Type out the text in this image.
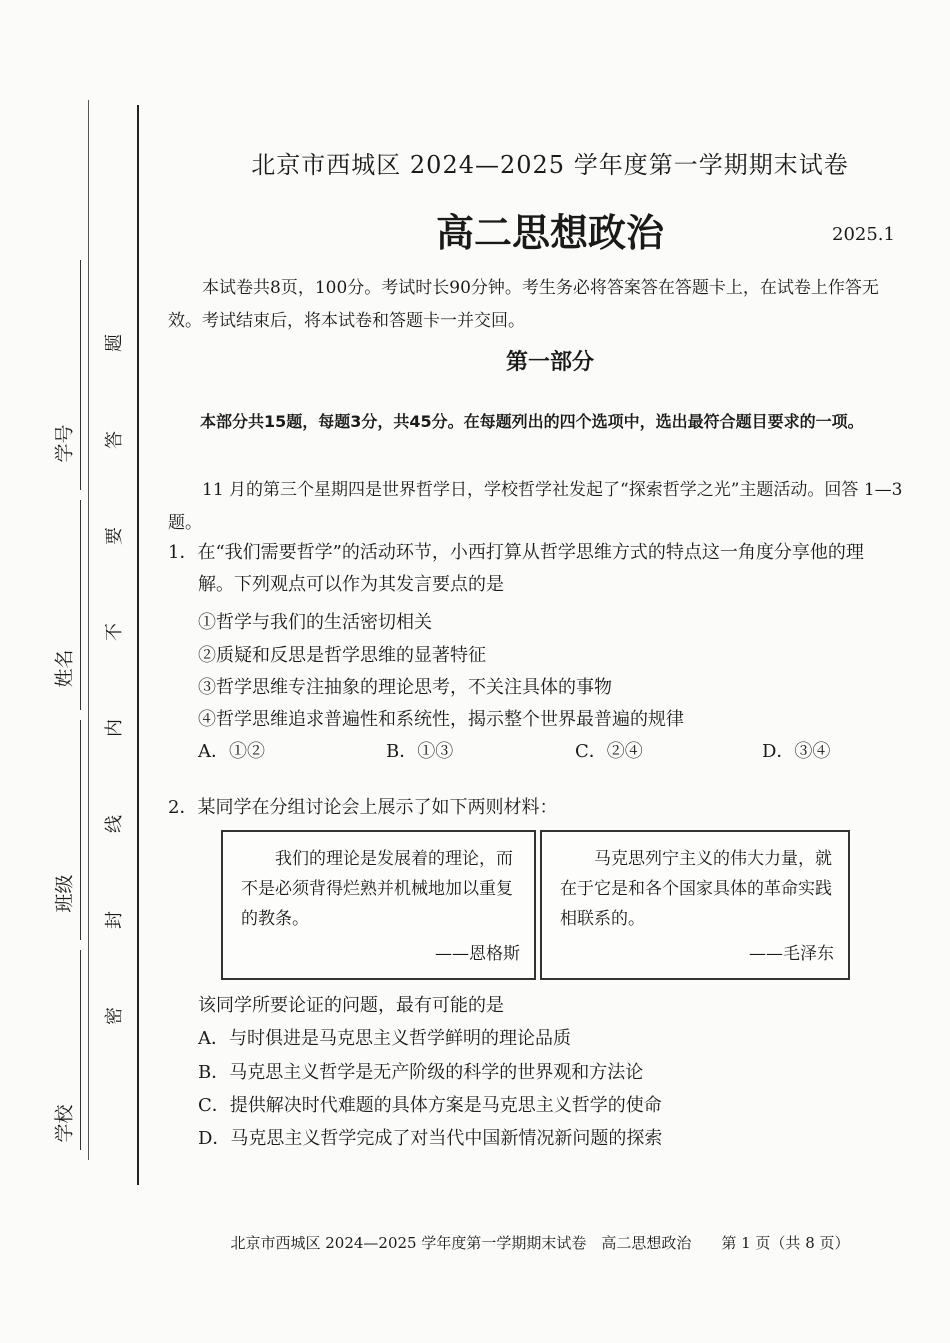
学号
姓名
班级
学校
题
答
要
不
内
线
封
密
北京市西城区 2024—2025 学年度第一学期期末试卷
高二思想政治	2025.1
本试卷共8页，100分。考试时长90分钟。考生务必将答案答在答题卡上，在试卷上作答无效。考试结束后，将本试卷和答题卡一并交回。
第一部分
本部分共15题，每题3分，共45分。在每题列出的四个选项中，选出最符合题目要求的一项。
11 月的第三个星期四是世界哲学日，学校哲学社发起了“探索哲学之光”主题活动。回答 1—3 题。
1．在“我们需要哲学”的活动环节，小西打算从哲学思维方式的特点这一角度分享他的理
解。下列观点可以作为其发言要点的是
①哲学与我们的生活密切相关
②质疑和反思是哲学思维的显著特征
③哲学思维专注抽象的理论思考，不关注具体的事物
④哲学思维追求普遍性和系统性，揭示整个世界最普遍的规律
A．①②	B．①③	C．②④	D．③④
2．某同学在分组讨论会上展示了如下两则材料：
我们的理论是发展着的理论，而不是必须背得烂熟并机械地加以重复的教条。
——恩格斯
马克思列宁主义的伟大力量，就在于它是和各个国家具体的革命实践相联系的。
——毛泽东
该同学所要论证的问题，最有可能的是
A．与时俱进是马克思主义哲学鲜明的理论品质
B．马克思主义哲学是无产阶级的科学的世界观和方法论
C．提供解决时代难题的具体方案是马克思主义哲学的使命
D．马克思主义哲学完成了对当代中国新情况新问题的探索
北京市西城区 2024—2025 学年度第一学期期末试卷　高二思想政治　　第 1 页（共 8 页）
